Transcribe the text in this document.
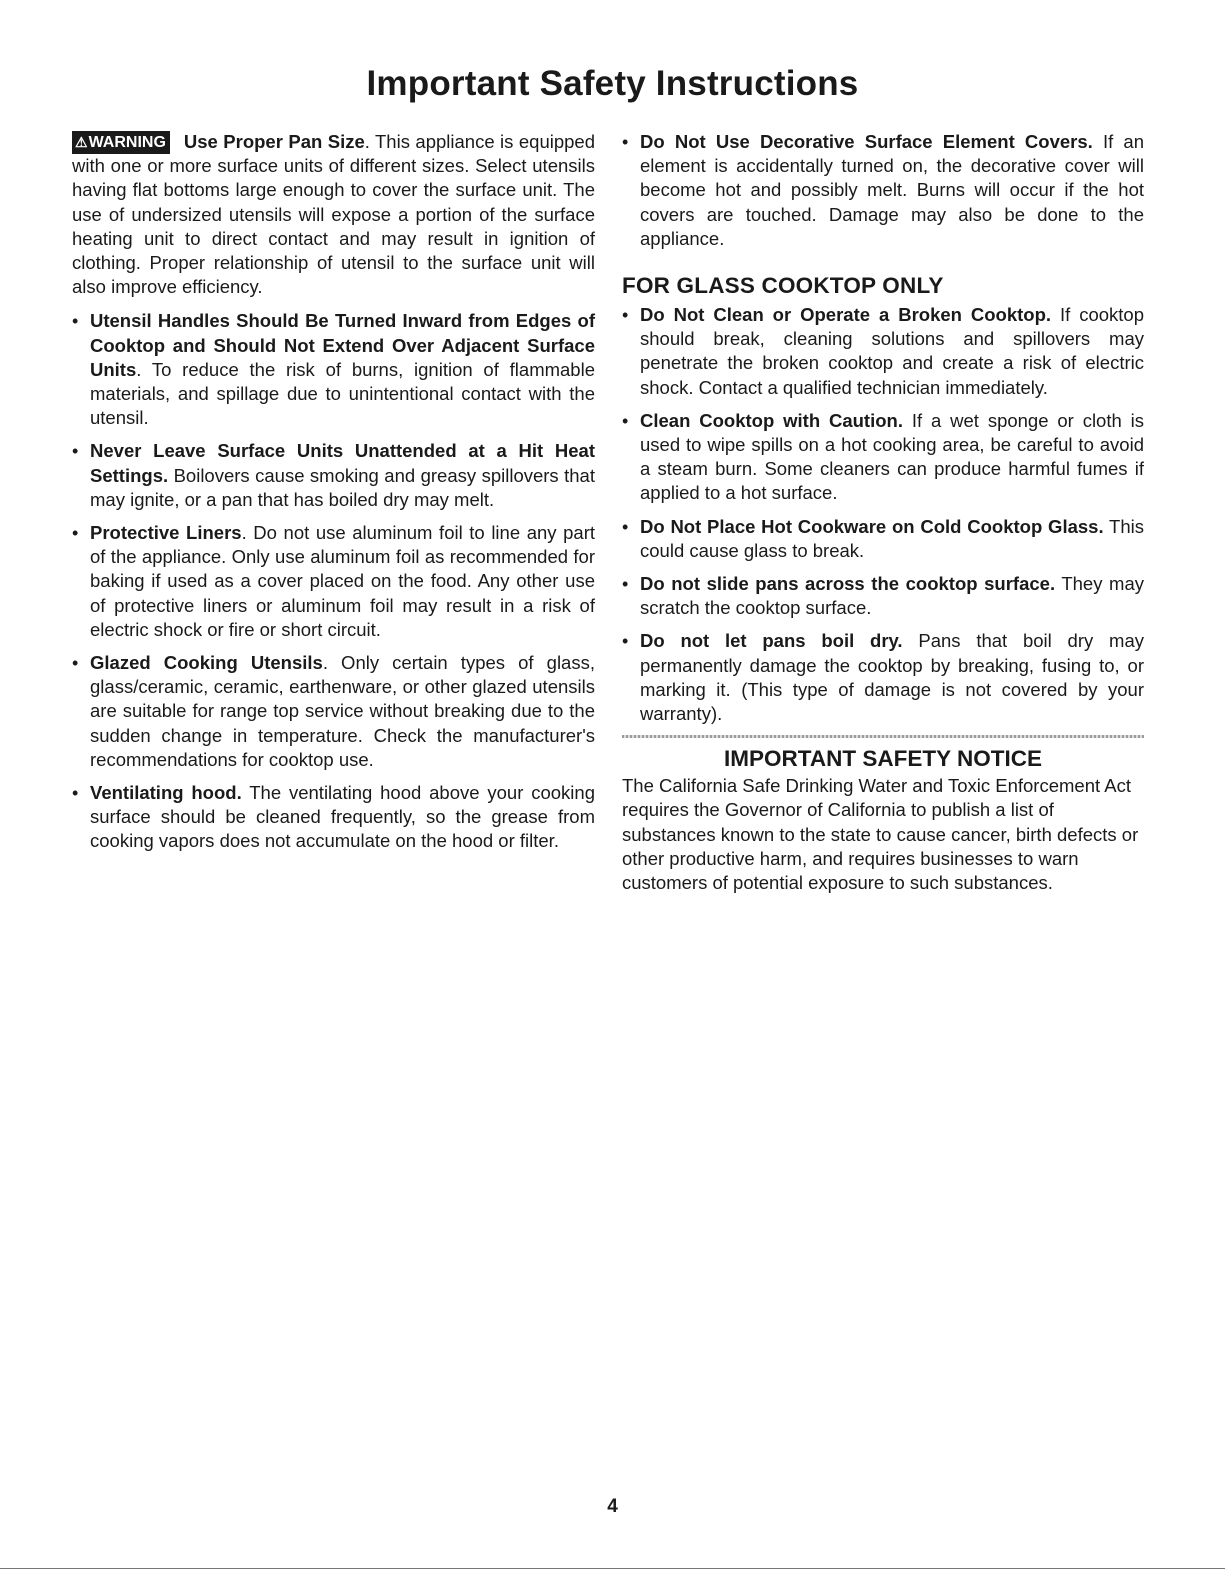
Important Safety Instructions

⚠WARNING Use Proper Pan Size. This appliance is equipped with one or more surface units of different sizes. Select utensils having flat bottoms large enough to cover the surface unit. The use of undersized utensils will expose a portion of the surface heating unit to direct contact and may result in ignition of clothing. Proper relationship of utensil to the surface unit will also improve efficiency.

• Utensil Handles Should Be Turned Inward from Edges of Cooktop and Should Not Extend Over Adjacent Surface Units. To reduce the risk of burns, ignition of flammable materials, and spillage due to unintentional contact with the utensil.

• Never Leave Surface Units Unattended at a Hit Heat Settings. Boilovers cause smoking and greasy spillovers that may ignite, or a pan that has boiled dry may melt.

• Protective Liners. Do not use aluminum foil to line any part of the appliance. Only use aluminum foil as recommended for baking if used as a cover placed on the food. Any other use of protective liners or aluminum foil may result in a risk of electric shock or fire or short circuit.

• Glazed Cooking Utensils. Only certain types of glass, glass/ceramic, ceramic, earthenware, or other glazed utensils are suitable for range top service without breaking due to the sudden change in temperature. Check the manufacturer's recommendations for cooktop use.

• Ventilating hood. The ventilating hood above your cooking surface should be cleaned frequently, so the grease from cooking vapors does not accumulate on the hood or filter.

• Do Not Use Decorative Surface Element Covers. If an element is accidentally turned on, the decorative cover will become hot and possibly melt. Burns will occur if the hot covers are touched. Damage may also be done to the appliance.

FOR GLASS COOKTOP ONLY

• Do Not Clean or Operate a Broken Cooktop. If cooktop should break, cleaning solutions and spillovers may penetrate the broken cooktop and create a risk of electric shock. Contact a qualified technician immediately.

• Clean Cooktop with Caution. If a wet sponge or cloth is used to wipe spills on a hot cooking area, be careful to avoid a steam burn. Some cleaners can produce harmful fumes if applied to a hot surface.

• Do Not Place Hot Cookware on Cold Cooktop Glass. This could cause glass to break.

• Do not slide pans across the cooktop surface. They may scratch the cooktop surface.

• Do not let pans boil dry. Pans that boil dry may permanently damage the cooktop by breaking, fusing to, or marking it. (This type of damage is not covered by your warranty).

IMPORTANT SAFETY NOTICE

The California Safe Drinking Water and Toxic Enforcement Act requires the Governor of California to publish a list of substances known to the state to cause cancer, birth defects or other productive harm, and requires businesses to warn customers of potential exposure to such substances.

4
